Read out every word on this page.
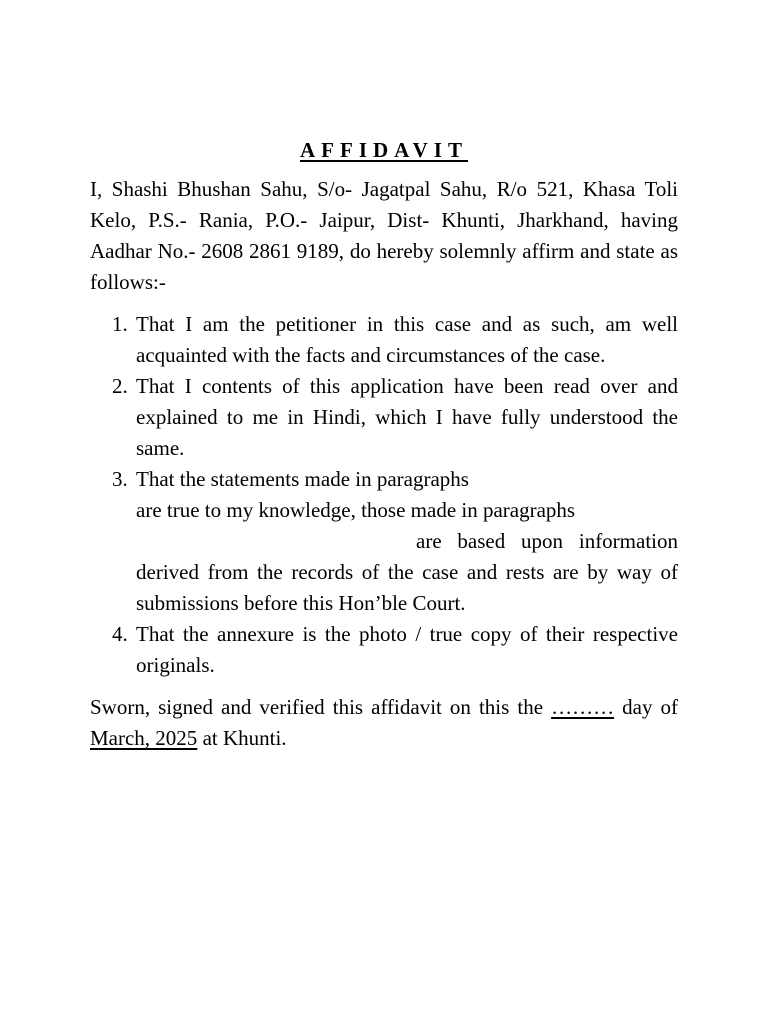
AFFIDAVIT

I, Shashi Bhushan Sahu, S/o- Jagatpal Sahu, R/o 521, Khasa Toli Kelo, P.S.- Rania, P.O.- Jaipur, Dist- Khunti, Jharkhand, having Aadhar No.- 2608 2861 9189, do hereby solemnly affirm and state as follows:-

1. That I am the petitioner in this case and as such, am well acquainted with the facts and circumstances of the case.
2. That I contents of this application have been read over and explained to me in Hindi, which I have fully understood the same.
3. That the statements made in paragraphs
are true to my knowledge, those made in paragraphs
are based upon information
derived from the records of the case and rests are by way of submissions before this Hon’ble Court.
4. That the annexure is the photo / true copy of their respective originals.

Sworn, signed and verified this affidavit on this the ……… day of March, 2025 at Khunti.
